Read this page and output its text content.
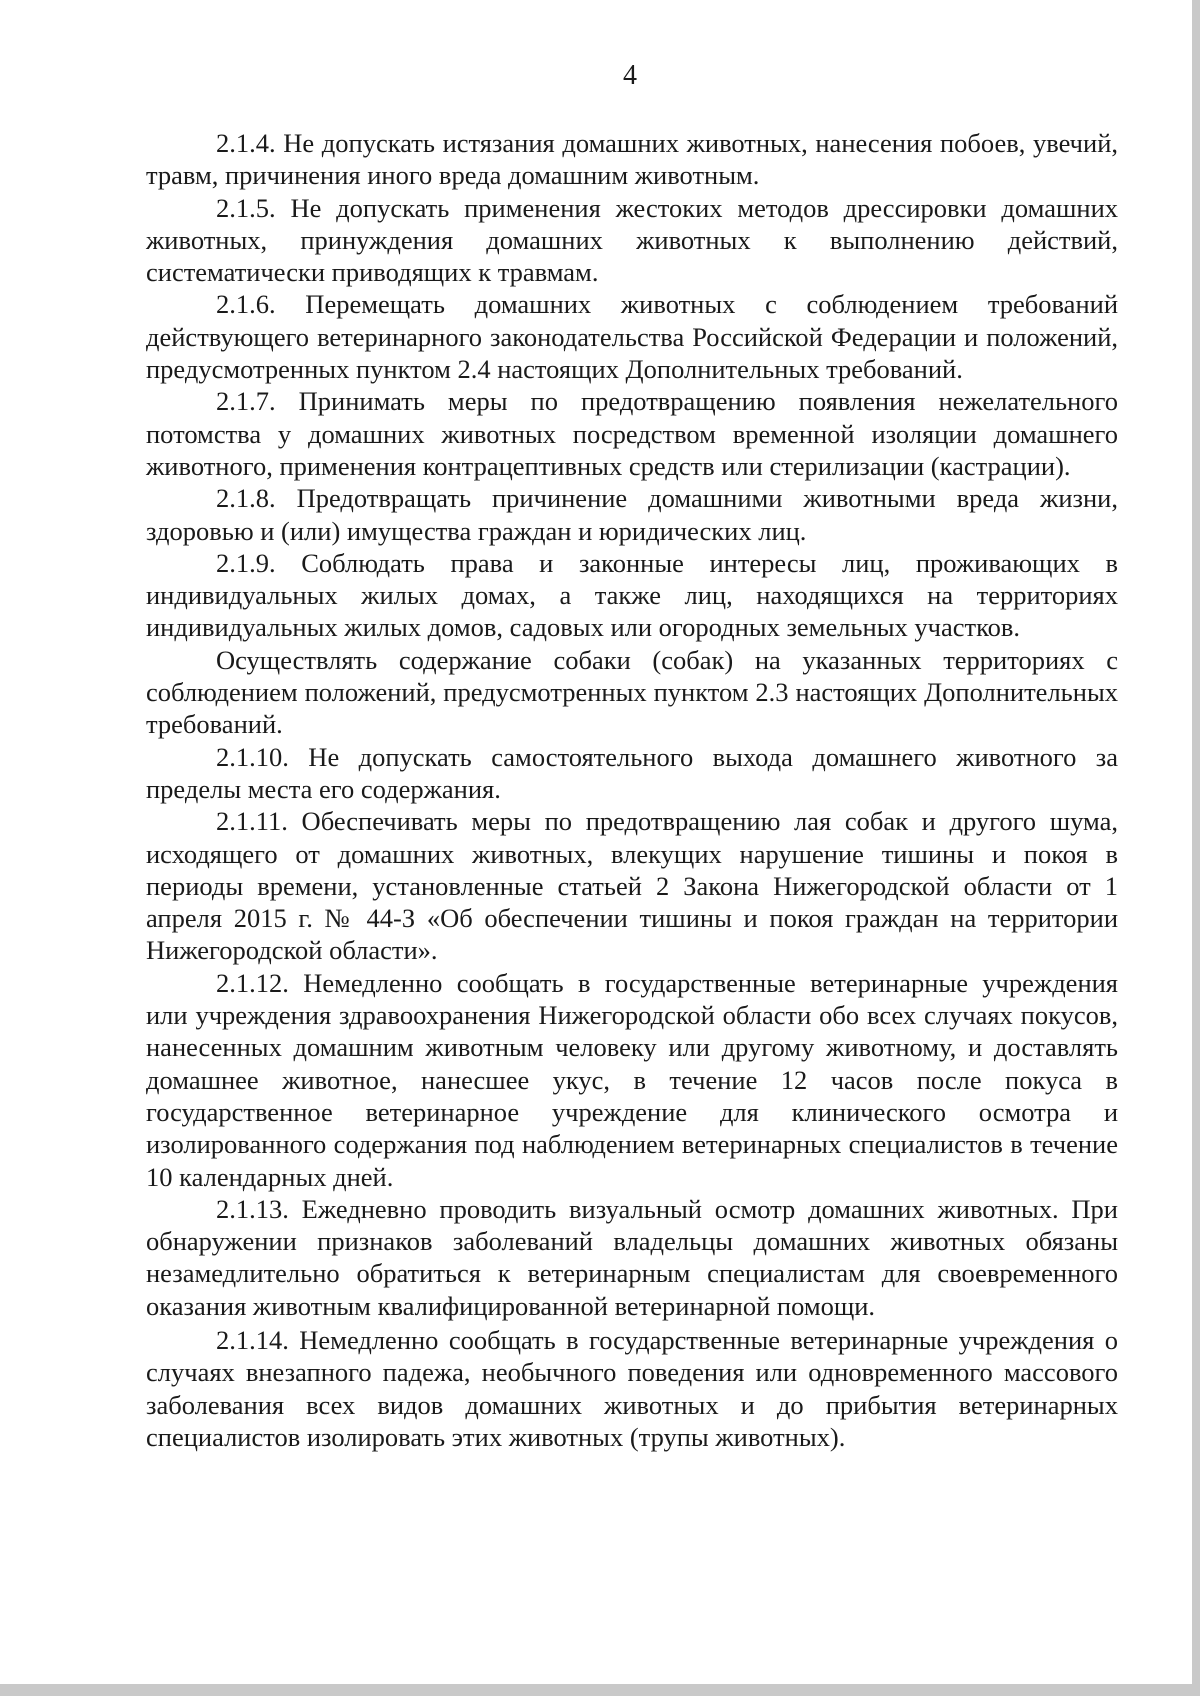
4

2.1.4. Не допускать истязания домашних животных, нанесения побоев, увечий, травм, причинения иного вреда домашним животным.

2.1.5. Не допускать применения жестоких методов дрессировки домашних животных, принуждения домашних животных к выполнению действий, систематически приводящих к травмам.

2.1.6. Перемещать домашних животных с соблюдением требований действующего ветеринарного законодательства Российской Федерации и положений, предусмотренных пунктом 2.4 настоящих Дополнительных требований.

2.1.7. Принимать меры по предотвращению появления нежелательного потомства у домашних животных посредством временной изоляции домашнего животного, применения контрацептивных средств или стерилизации (кастрации).

2.1.8. Предотвращать причинение домашними животными вреда жизни, здоровью и (или) имущества граждан и юридических лиц.

2.1.9. Соблюдать права и законные интересы лиц, проживающих в индивидуальных жилых домах, а также лиц, находящихся на территориях индивидуальных жилых домов, садовых или огородных земельных участков.

Осуществлять содержание собаки (собак) на указанных территориях с соблюдением положений, предусмотренных пунктом 2.3 настоящих Дополнительных требований.

2.1.10. Не допускать самостоятельного выхода домашнего животного за пределы места его содержания.

2.1.11. Обеспечивать меры по предотвращению лая собак и другого шума, исходящего от домашних животных, влекущих нарушение тишины и покоя в периоды времени, установленные статьей 2 Закона Нижегородской области от 1 апреля 2015 г. № 44-З «Об обеспечении тишины и покоя граждан на территории Нижегородской области».

2.1.12. Немедленно сообщать в государственные ветеринарные учреждения или учреждения здравоохранения Нижегородской области обо всех случаях покусов, нанесенных домашним животным человеку или другому животному, и доставлять домашнее животное, нанесшее укус, в течение 12 часов после покуса в государственное ветеринарное учреждение для клинического осмотра и изолированного содержания под наблюдением ветеринарных специалистов в течение 10 календарных дней.

2.1.13. Ежедневно проводить визуальный осмотр домашних животных. При обнаружении признаков заболеваний владельцы домашних животных обязаны незамедлительно обратиться к ветеринарным специалистам для своевременного оказания животным квалифицированной ветеринарной помощи.

2.1.14. Немедленно сообщать в государственные ветеринарные учреждения о случаях внезапного падежа, необычного поведения или одновременного массового заболевания всех видов домашних животных и до прибытия ветеринарных специалистов изолировать этих животных (трупы животных).
